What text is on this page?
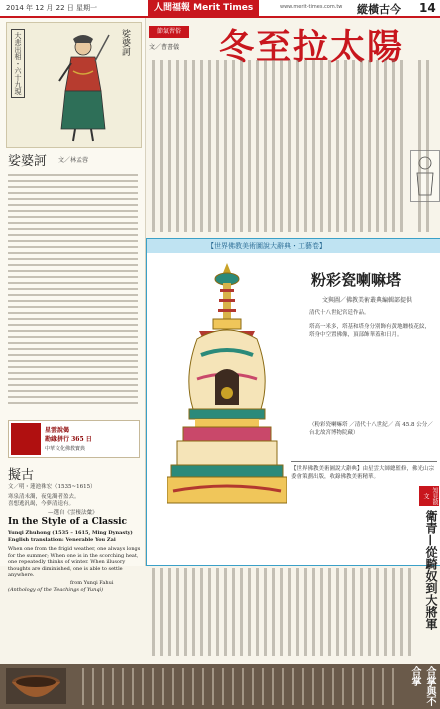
2014 年 12 月 22 日 星期一	人間福報 Merit Times	www.merit-times.com.tw 縱橫古今 14
大悲出相・六十九現	娑婆訶
娑婆訶 文／林孟蓉
星雲說偈
勘緣拼行 365 日
中華文化佛教寶典
擬古
文／明・蓮池祩宏（1535~1615）
寒泉清未濁，夜兔濁者盈去。
喜想逃汎竭，今夢清逵有。
—選自《雲棲法彙》
In the Style of a Classic
Yunqi Zhuhong (1535 – 1615, Ming Dynasty)
English translation: Venerable You Zai
When one from the frigid weather, one always longs for the summer; When one is in the scorching heat, one repeatedly thinks of winter. When illusory thoughts are diminished, one is able to settle anywhere.
from Yunqi Fahui
(Anthology of the Teachings of Yunqi)
節氣習俗
文／曹書儀 冬至拉太陽
【世界佛教美術圖說大辭典・工藝卷】
粉彩瓷喇嘛塔
文與圖／佛教美術叢典編輯部提供
清代十八世紀宮廷作品。
塔高一米多，塔基和塔身分別飾有黃地纏枝花紋，塔身中空置佛像，頂部飾華蓋和日月。
（粉彩瓷喇嘛塔 ／清代十八世紀／ 高 45.8 公分／台北故宮博物院藏）
【世界佛教美術圖說大辭典】由星雲大師總監修，佛光山宗委會策劃出版，收錄佛教美術精華。
知見散文
衛青—從騎奴到大將軍
合掌與不合掌
